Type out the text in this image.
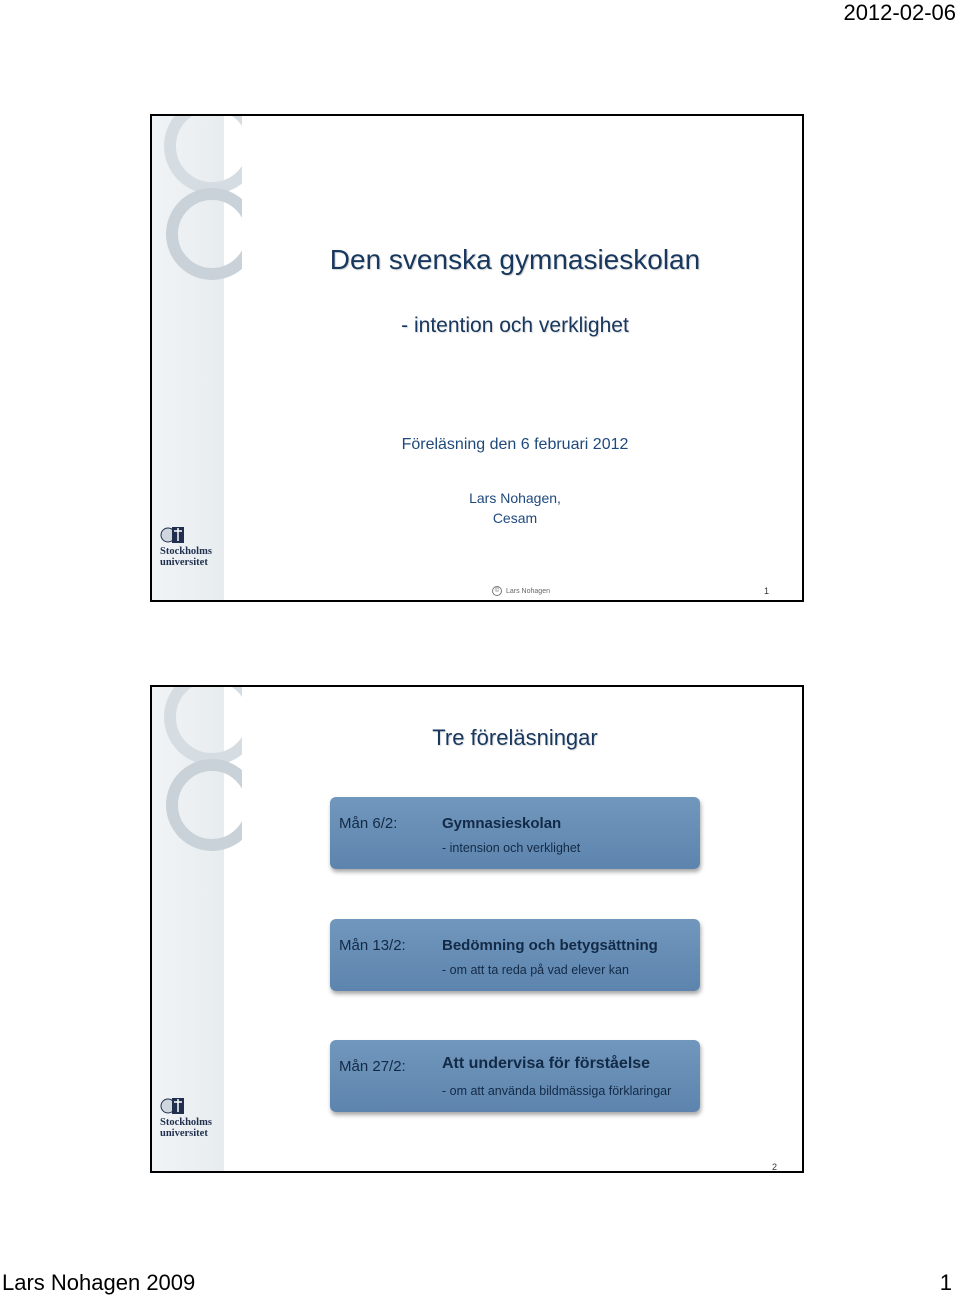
2012-02-06
Stockholms
universitet
Den svenska gymnasieskolan
- intention och verklighet
Föreläsning den 6 februari 2012
Lars Nohagen,
Cesam
© Lars Nohagen	1
Stockholms
universitet
Tre föreläsningar
Mån 6/2:	Gymnasieskolan
- intension och verklighet
Mån 13/2: Bedömning och betygsättning
- om att ta reda på vad elever kan
Mån 27/2: Att undervisa för förståelse
- om att använda bildmässiga förklaringar
2
Lars Nohagen 2009	1
